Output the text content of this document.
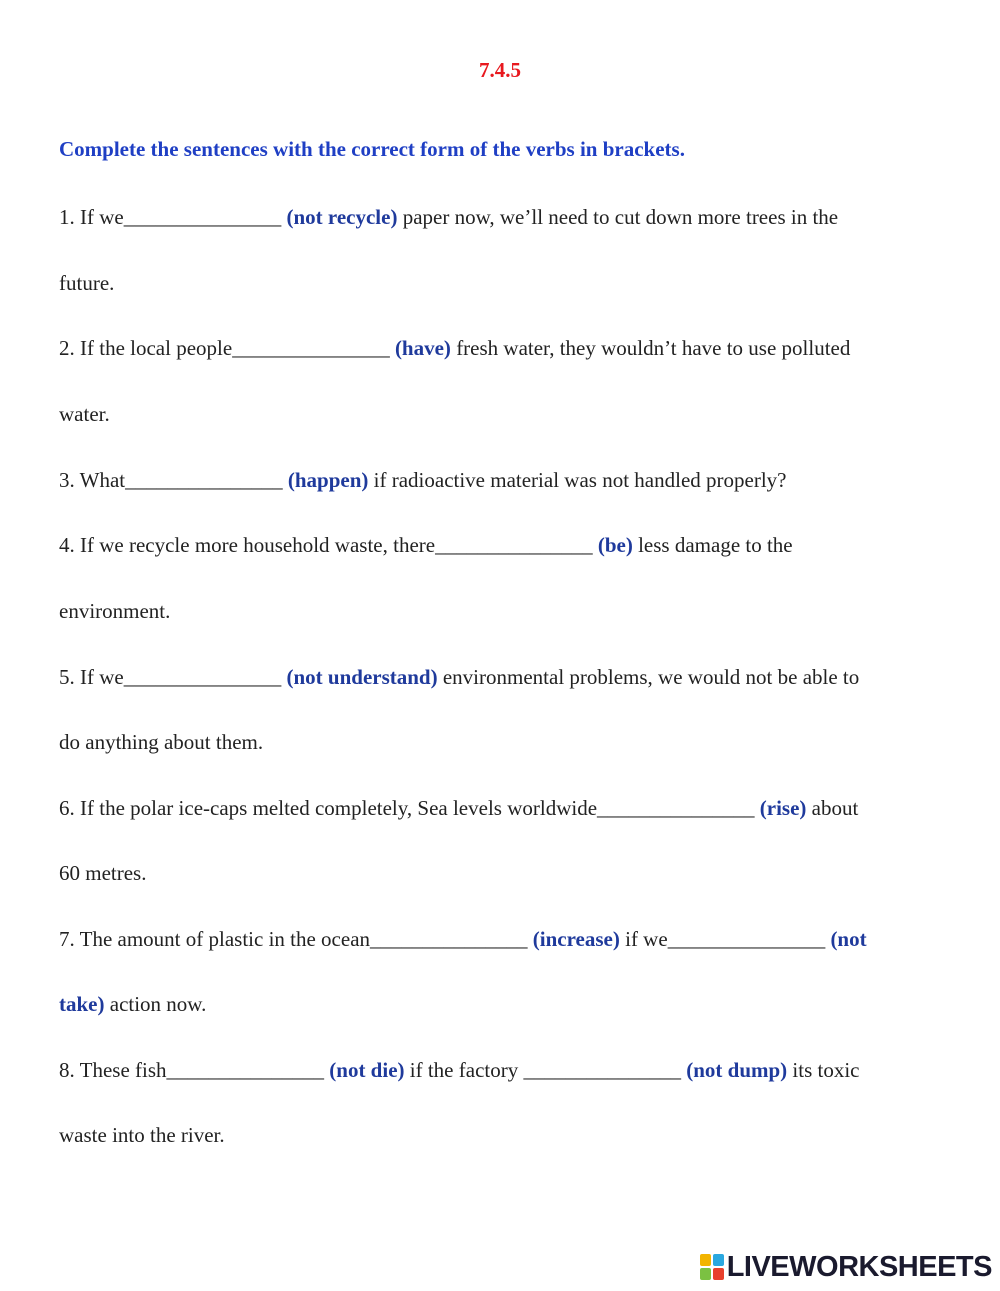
7.4.5
Complete the sentences with the correct form of the verbs in brackets.
1. If we_______________ (not recycle) paper now, we’ll need to cut down more trees in the
future.
2. If the local people_______________ (have) fresh water, they wouldn’t have to use polluted
water.
3. What_______________ (happen) if radioactive material was not handled properly?
4. If we recycle more household waste, there_______________ (be) less damage to the
environment.
5. If we_______________ (not understand) environmental problems, we would not be able to
do anything about them.
6. If the polar ice-caps melted completely, Sea levels worldwide_______________ (rise) about
60 metres.
7. The amount of plastic in the ocean_______________ (increase) if we_______________ (not
take) action now.
8. These fish_______________ (not die) if the factory _______________ (not dump) its toxic
waste into the river.
LIVEWORKSHEETS
